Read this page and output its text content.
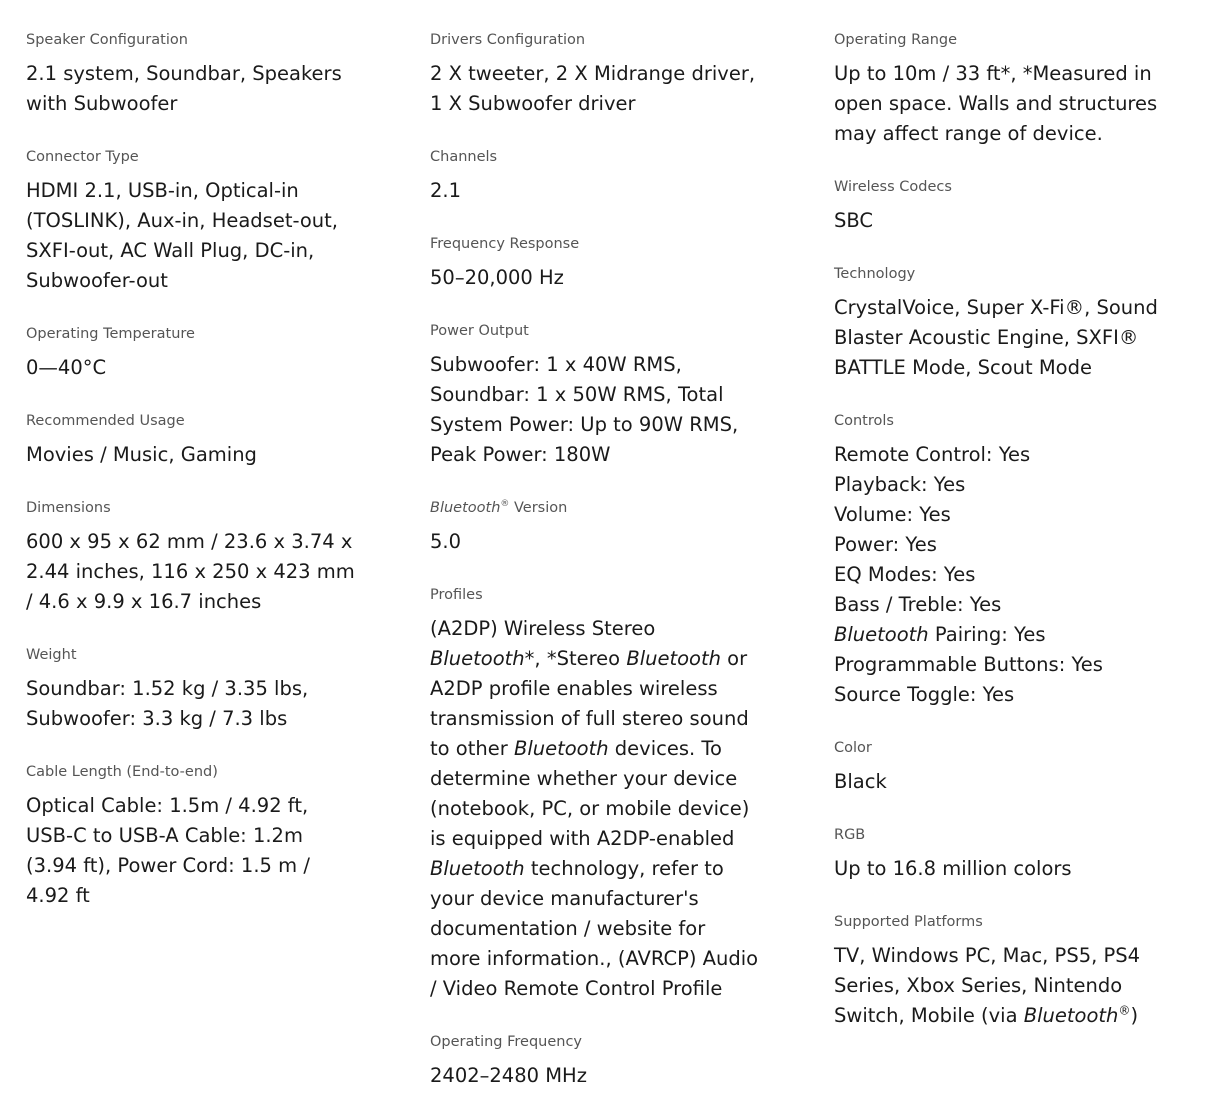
Speaker Configuration
2.1 system, Soundbar, Speakers with Subwoofer
Connector Type
HDMI 2.1, USB-in, Optical-in (TOSLINK), Aux-in, Headset-out, SXFI-out, AC Wall Plug, DC-in, Subwoofer-out
Operating Temperature
0—40°C
Recommended Usage
Movies / Music, Gaming
Dimensions
600 x 95 x 62 mm / 23.6 x 3.74 x 2.44 inches, 116 x 250 x 423 mm / 4.6 x 9.9 x 16.7 inches
Weight
Soundbar: 1.52 kg / 3.35 lbs, Subwoofer: 3.3 kg / 7.3 lbs
Cable Length (End-to-end)
Optical Cable: 1.5m / 4.92 ft, USB-C to USB-A Cable: 1.2m (3.94 ft), Power Cord: 1.5 m / 4.92 ft
Drivers Configuration
2 X tweeter, 2 X Midrange driver, 1 X Subwoofer driver
Channels
2.1
Frequency Response
50–20,000 Hz
Power Output
Subwoofer: 1 x 40W RMS, Soundbar: 1 x 50W RMS, Total System Power: Up to 90W RMS, Peak Power: 180W
Bluetooth® Version
5.0
Profiles
(A2DP) Wireless Stereo Bluetooth*, *Stereo Bluetooth or A2DP profile enables wireless transmission of full stereo sound to other Bluetooth devices. To determine whether your device (notebook, PC, or mobile device) is equipped with A2DP-enabled Bluetooth technology, refer to your device manufacturer's documentation / website for more information., (AVRCP) Audio / Video Remote Control Profile
Operating Frequency
2402–2480 MHz
Operating Range
Up to 10m / 33 ft*, *Measured in open space. Walls and structures may affect range of device.
Wireless Codecs
SBC
Technology
CrystalVoice, Super X-Fi®, Sound Blaster Acoustic Engine, SXFI® BATTLE Mode, Scout Mode
Controls
Remote Control: Yes
Playback: Yes
Volume: Yes
Power: Yes
EQ Modes: Yes
Bass / Treble: Yes
Bluetooth Pairing: Yes
Programmable Buttons: Yes
Source Toggle: Yes
Color
Black
RGB
Up to 16.8 million colors
Supported Platforms
TV, Windows PC, Mac, PS5, PS4 Series, Xbox Series, Nintendo Switch, Mobile (via Bluetooth®)
